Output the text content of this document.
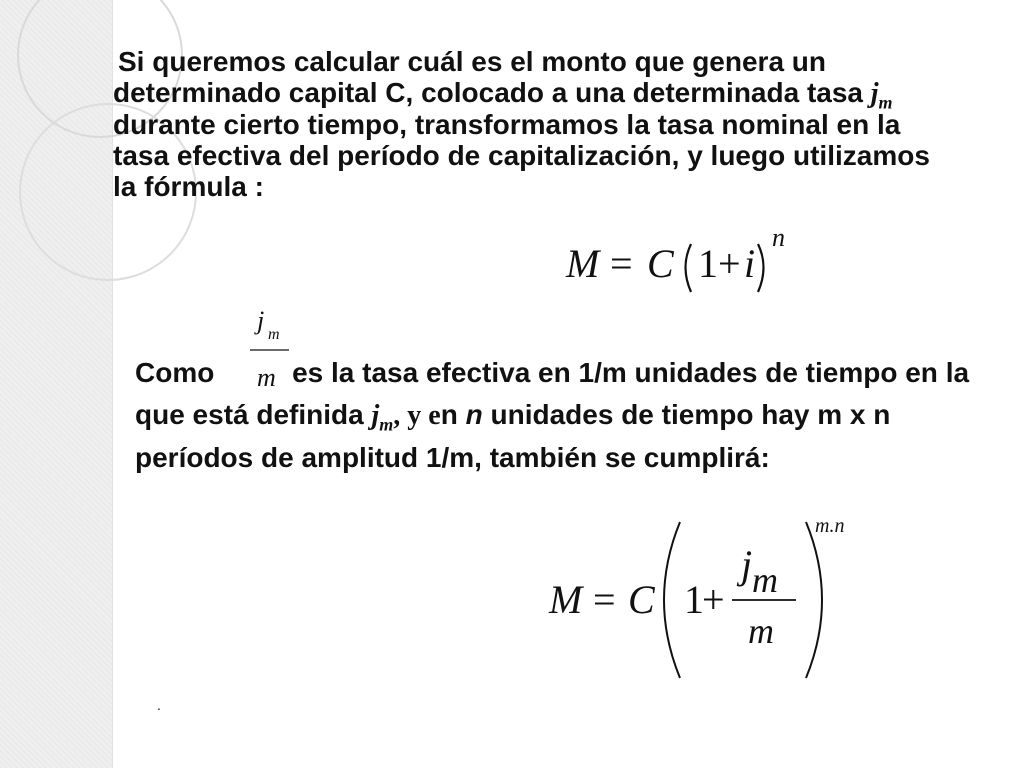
Si queremos calcular cuál es el monto que genera un determinado capital C, colocado a una determinada tasa $j_m$ durante cierto tiempo, transformamos la tasa nominal en la tasa efectiva del período de capitalización, y luego utilizamos la fórmula :
M = C 1 + i
n
j m
m
M = C 1
+
j m
m
m.n
Como	es la tasa efectiva en 1/m unidades de tiempo en la que está definida $j_m$, y en n unidades de tiempo hay m x n períodos de amplitud 1/m, también se cumplirá:
.
